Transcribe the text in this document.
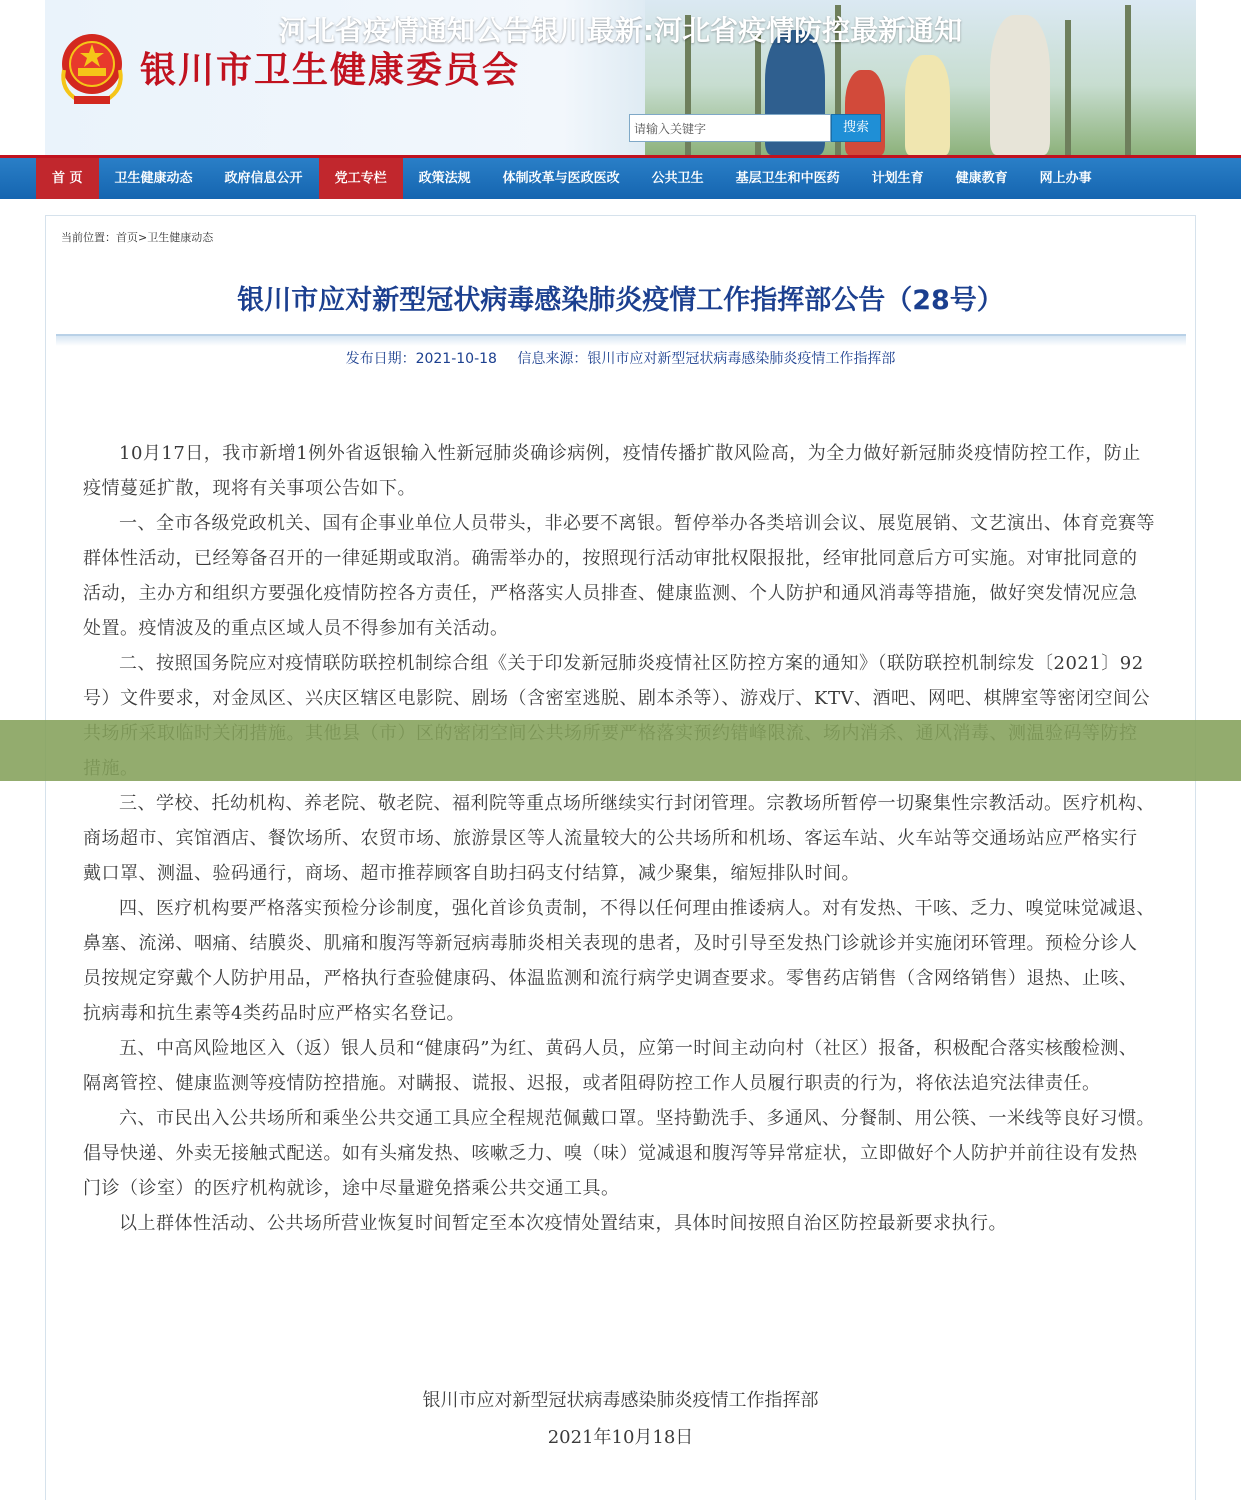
银川市卫生健康委员会
请输入关键字
搜索
首 页	卫生健康动态	政府信息公开	党工专栏	政策法规	体制改革与医政医改	公共卫生	基层卫生和中医药	计划生育	健康教育	网上办事
当前位置：首页>卫生健康动态
银川市应对新型冠状病毒感染肺炎疫情工作指挥部公告（28号）
发布日期：2021-10-18 信息来源：银川市应对新型冠状病毒感染肺炎疫情工作指挥部

10月17日，我市新增1例外省返银输入性新冠肺炎确诊病例，疫情传播扩散风险高，为全力做好新冠肺炎疫情防控工作，防止疫情蔓延扩散，现将有关事项公告如下。

一、全市各级党政机关、国有企事业单位人员带头，非必要不离银。暂停举办各类培训会议、展览展销、文艺演出、体育竞赛等群体性活动，已经筹备召开的一律延期或取消。确需举办的，按照现行活动审批权限报批，经审批同意后方可实施。对审批同意的活动，主办方和组织方要强化疫情防控各方责任，严格落实人员排查、健康监测、个人防护和通风消毒等措施，做好突发情况应急处置。疫情波及的重点区域人员不得参加有关活动。

二、按照国务院应对疫情联防联控机制综合组《关于印发新冠肺炎疫情社区防控方案的通知》（联防联控机制综发〔2021〕92号）文件要求，对金凤区、兴庆区辖区电影院、剧场（含密室逃脱、剧本杀等）、游戏厅、KTV、酒吧、网吧、棋牌室等密闭空间公

三、学校、托幼机构、养老院、敬老院、福利院等重点场所继续实行封闭管理。宗教场所暂停一切聚集性宗教活动。医疗机构、商场超市、宾馆酒店、餐饮场所、农贸市场、旅游景区等人流量较大的公共场所和机场、客运车站、火车站等交通场站应严格实行戴口罩、测温、验码通行，商场、超市推荐顾客自助扫码支付结算，减少聚集，缩短排队时间。

四、医疗机构要严格落实预检分诊制度，强化首诊负责制，不得以任何理由推诿病人。对有发热、干咳、乏力、嗅觉味觉减退、鼻塞、流涕、咽痛、结膜炎、肌痛和腹泻等新冠病毒肺炎相关表现的患者，及时引导至发热门诊就诊并实施闭环管理。预检分诊人员按规定穿戴个人防护用品，严格执行查验健康码、体温监测和流行病学史调查要求。零售药店销售（含网络销售）退热、止咳、抗病毒和抗生素等4类药品时应严格实名登记。

五、中高风险地区入（返）银人员和“健康码”为红、黄码人员，应第一时间主动向村（社区）报备，积极配合落实核酸检测、隔离管控、健康监测等疫情防控措施。对瞒报、谎报、迟报，或者阻碍防控工作人员履行职责的行为，将依法追究法律责任。

六、市民出入公共场所和乘坐公共交通工具应全程规范佩戴口罩。坚持勤洗手、多通风、分餐制、用公筷、一米线等良好习惯。倡导快递、外卖无接触式配送。如有头痛发热、咳嗽乏力、嗅（味）觉减退和腹泻等异常症状，立即做好个人防护并前往设有发热门诊（诊室）的医疗机构就诊，途中尽量避免搭乘公共交通工具。

以上群体性活动、公共场所营业恢复时间暂定至本次疫情处置结束，具体时间按照自治区防控最新要求执行。

银川市应对新型冠状病毒感染肺炎疫情工作指挥部
2021年10月18日
河北省疫情通知公告银川最新:河北省疫情防控最新通知
